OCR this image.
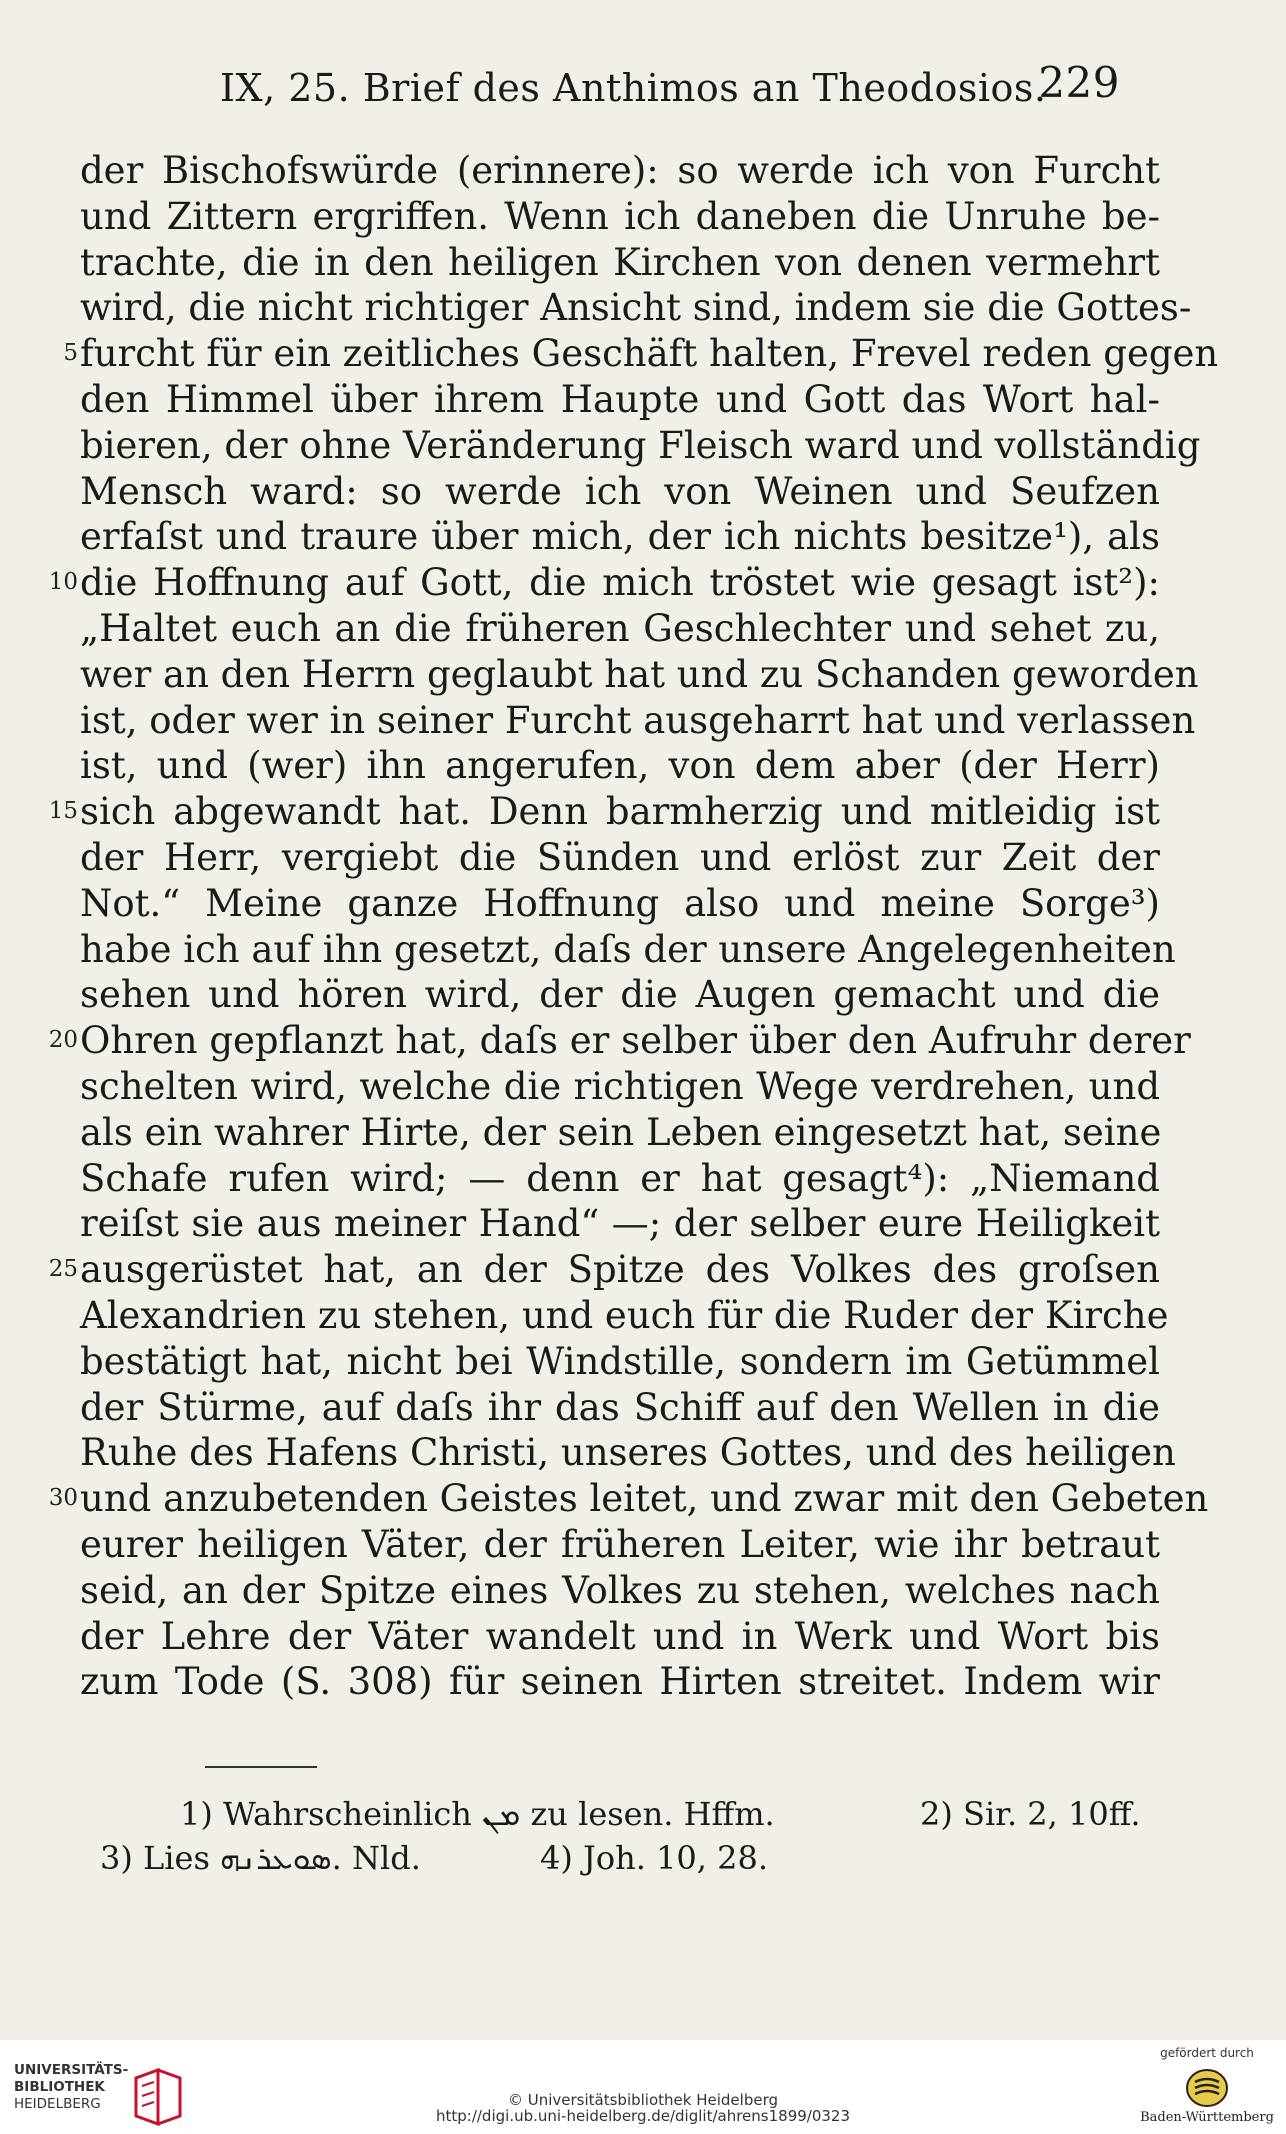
IX, 25. Brief des Anthimos an Theodosios.
229
der Bischofswürde (erinnere): so werde ich von Furcht
und Zittern ergriffen. Wenn ich daneben die Unruhe be-
trachte, die in den heiligen Kirchen von denen vermehrt
wird, die nicht richtiger Ansicht sind, indem sie die Gottes-
5 furcht für ein zeitliches Geschäft halten, Frevel reden gegen
den Himmel über ihrem Haupte und Gott das Wort hal-
bieren, der ohne Veränderung Fleisch ward und vollständig
Mensch ward: so werde ich von Weinen und Seufzen
erfaſst und traure über mich, der ich nichts besitze¹), als
10 die Hoffnung auf Gott, die mich tröstet wie gesagt ist²):
„Haltet euch an die früheren Geschlechter und sehet zu,
wer an den Herrn geglaubt hat und zu Schanden geworden
ist, oder wer in seiner Furcht ausgeharrt hat und verlassen
ist, und (wer) ihn angerufen, von dem aber (der Herr)
15 sich abgewandt hat. Denn barmherzig und mitleidig ist
der Herr, vergiebt die Sünden und erlöst zur Zeit der
Not.“ Meine ganze Hoffnung also und meine Sorge³)
habe ich auf ihn gesetzt, daſs der unsere Angelegenheiten
sehen und hören wird, der die Augen gemacht und die
20 Ohren gepflanzt hat, daſs er selber über den Aufruhr derer
schelten wird, welche die richtigen Wege verdrehen, und
als ein wahrer Hirte, der sein Leben eingesetzt hat, seine
Schafe rufen wird; — denn er hat gesagt⁴): „Niemand
reiſst sie aus meiner Hand“ —; der selber eure Heiligkeit
25 ausgerüstet hat, an der Spitze des Volkes des groſsen
Alexandrien zu stehen, und euch für die Ruder der Kirche
bestätigt hat, nicht bei Windstille, sondern im Getümmel
der Stürme, auf daſs ihr das Schiff auf den Wellen in die
Ruhe des Hafens Christi, unseres Gottes, und des heiligen
30 und anzubetenden Geistes leitet, und zwar mit den Gebeten
eurer heiligen Väter, der früheren Leiter, wie ihr betraut
seid, an der Spitze eines Volkes zu stehen, welches nach
der Lehre der Väter wandelt und in Werk und Wort bis
zum Tode (S. 308) für seinen Hirten streitet. Indem wir
1) Wahrscheinlich ܡܢ zu lesen. Hffm.	2) Sir. 2, 10ff.
3) Lies ܣܘܥܪܢܗ. Nld.	4) Joh. 10, 28.
UNIVERSITÄTS-
BIBLIOTHEK
HEIDELBERG	© Universitätsbibliothek Heidelberg
http://digi.ub.uni-heidelberg.de/diglit/ahrens1899/0323
gefördert durch
Baden-Württemberg
